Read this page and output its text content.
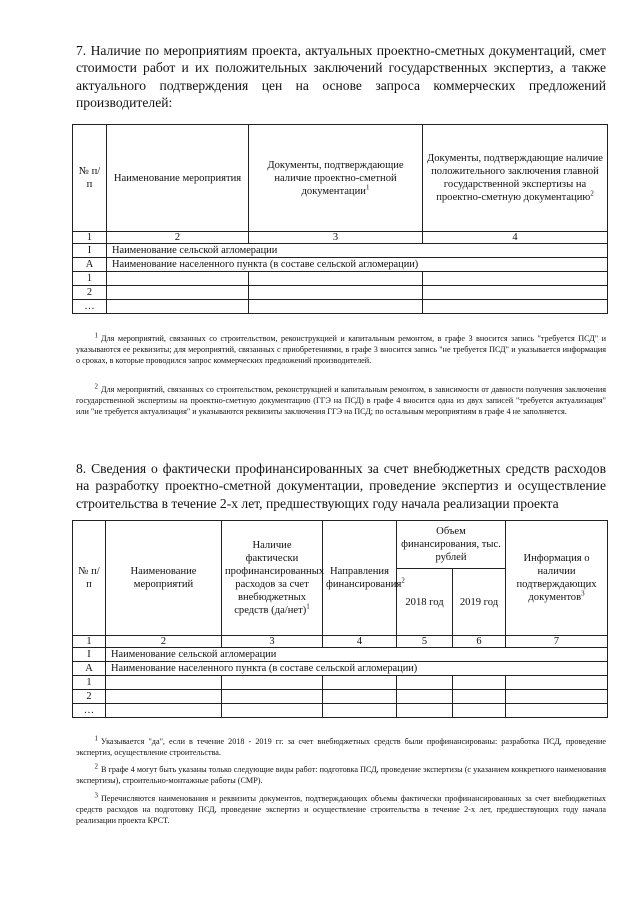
7. Наличие по мероприятиям проекта, актуальных проектно-сметных документаций, смет стоимости работ и их положительных заключений государственных экспертиз, а также актуального подтверждения цен на основе запроса коммерческих предложений производителей:
№ п/п	Наименование мероприятия	Документы, подтверждающие наличие проектно-сметной документации$^1$	Документы, подтверждающие наличие положительного заключения главной государственной экспертизы на проектно-сметную документацию$^2$
1	2	3	4
I	Наименование сельской агломерации		
А	Наименование населенного пункта (в составе сельской агломерации)		
1			
2			
…			
$^1$ Для мероприятий, связанных со строительством, реконструкцией и капитальным ремонтом, в графе 3 вносится запись "требуется ПСД" и указываются ее реквизиты; для мероприятий, связанных с приобретениями, в графе 3 вносится запись "не требуется ПСД" и указывается информация о сроках, в которые проводился запрос коммерческих предложений производителей.
$^2$ Для мероприятий, связанных со строительством, реконструкцией и капитальным ремонтом, в зависимости от давности получения заключения государственной экспертизы на проектно-сметную документацию (ГГЭ на ПСД) в графе 4 вносится одна из двух записей "требуется актуализация" или "не требуется актуализация" и указываются реквизиты заключения ГГЭ на ПСД; по остальным мероприятиям в графе 4 не заполняется.
8. Сведения о фактически профинансированных за счет внебюджетных средств расходов на разработку проектно-сметной документации, проведение экспертиз и осуществление строительства в течение 2-х лет, предшествующих году начала реализации проекта
№ п/п	Наименование мероприятий	Наличие фактически профинансированных расходов за счет внебюджетных средств $(да/нет)^1$	Направления финансирования$^2$	Объем финансирования, тыс. рублей		Информация о наличии подтверждающих документов$^3$
				2018 год	2019 год	
1	2	3	4	5	6	7
I	Наименование сельской агломерации					
А	Наименование населенного пункта (в составе сельской агломерации)					
1						
2						
…						
$^1$ Указывается "да", если в течение 2018 - 2019 гг. за счет внебюджетных средств были профинансированы: разработка ПСД, проведение экспертиз, осуществление строительства.
$^2$ В графе 4 могут быть указаны только следующие виды работ: подготовка ПСД, проведение экспертизы (с указанием конкретного наименования экспертизы), строительно-монтажные работы (СМР).
$^3$ Перечисляются наименования и реквизиты документов, подтверждающих объемы фактически профинансированных за счет внебюджетных средств расходов на подготовку ПСД, проведение экспертиз и осуществление строительства в течение 2-х лет, предшествующих году начала реализации проекта КРСТ.
